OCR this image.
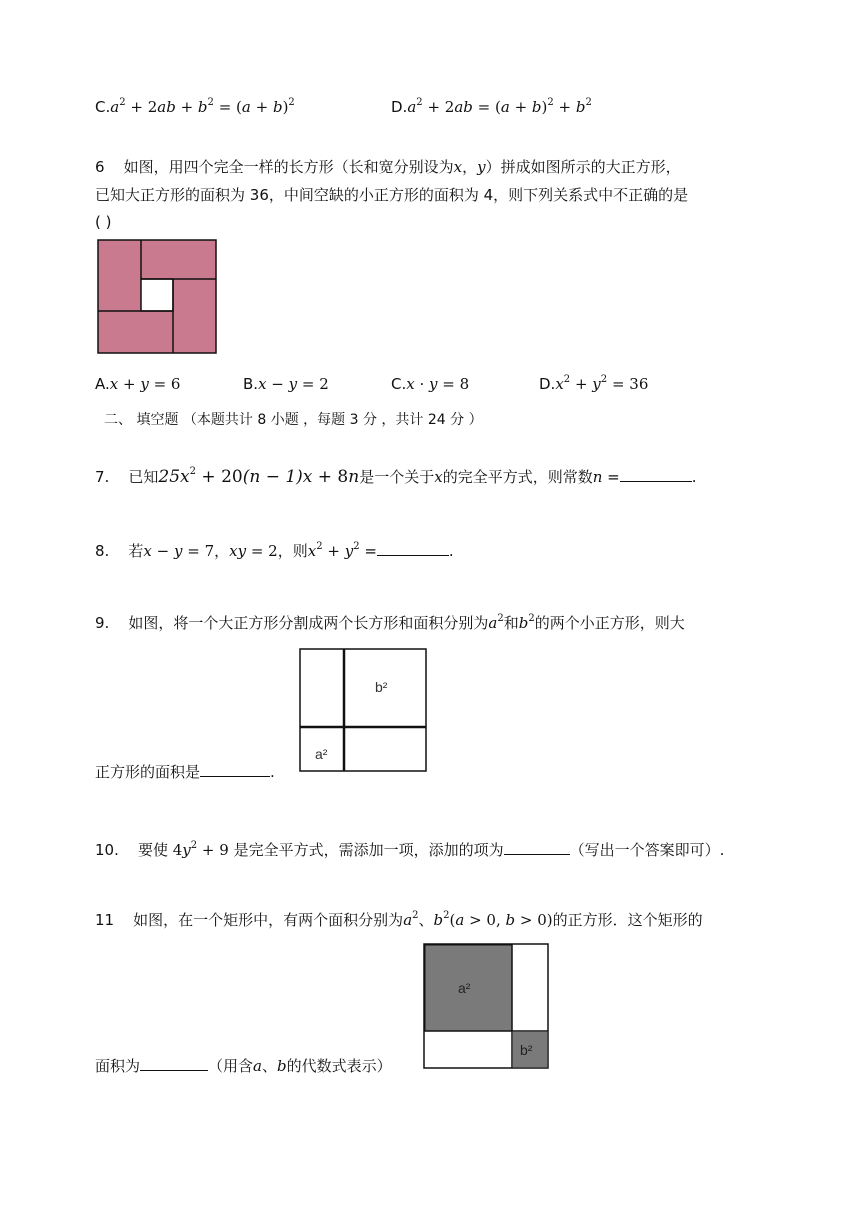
$C.a^2 + 2ab + b^2 = (a + b)^2$	$D.a^2 + 2ab = (a + b)^2 + b^2$
6 如图，用四个完全一样的长方形（长和宽分别设为x，y）拼成如图所示的大正方形，
已知大正方形的面积为 36，中间空缺的小正方形的面积为 4，则下列关系式中不正确的是
( )
A.x + y = 6	B.x − y = 2	C.x · y = 8	$D.x^2 + y^2 = 36$
二、 填空题 （本题共计 8 小题 ，每题 3 分 ，共计 24 分 ）
7. 已知$25x^2 + 20(n - 1)x + 8n$是一个关于x的完全平方式，则常数n =	.
8. 若x − y = 7，xy = 2，则$x^2 + y^2$ =	.
9. 如图，将一个大正方形分割成两个长方形和面积分别为$a^2$和$b^2$的两个小正方形，则大
b²
a²
正方形的面积是	.
10. 要使 $4y^2 + 9$ 是完全平方式，需添加一项，添加的项为	（写出一个答案即可）.
11 如图，在一个矩形中，有两个面积分别为$a^2$、$b^2(a > 0$, b > 0)的正方形．这个矩形的
a²
b²
面积为	（用含a、b的代数式表示）
